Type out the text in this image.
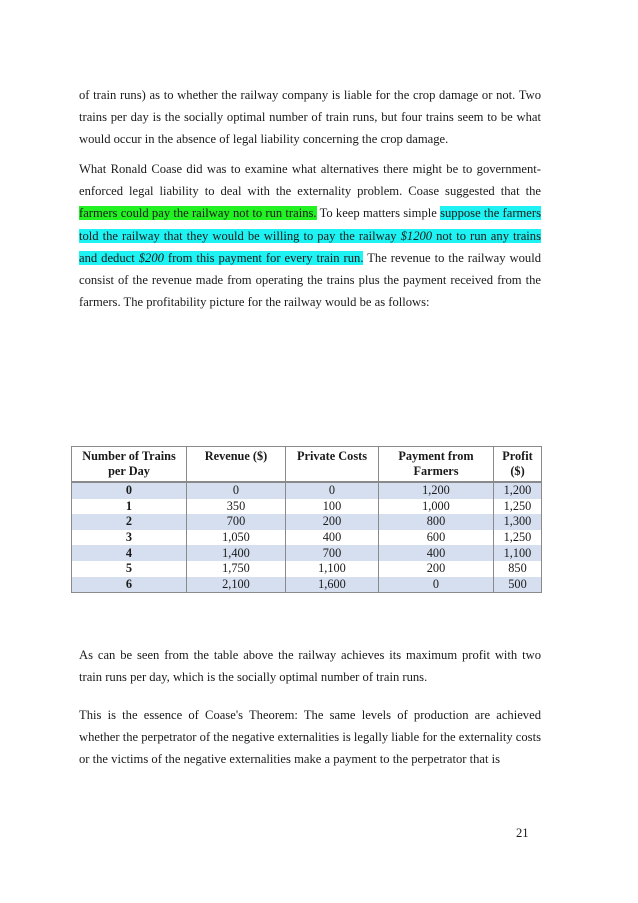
of train runs) as to whether the railway company is liable for the crop damage or not. Two trains per day is the socially optimal number of train runs, but four trains seem to be what would occur in the absence of legal liability concerning the crop damage.

What Ronald Coase did was to examine what alternatives there might be to government-enforced legal liability to deal with the externality problem. Coase suggested that the farmers could pay the railway not to run trains. To keep matters simple suppose the farmers told the railway that they would be willing to pay the railway $1200 not to run any trains and deduct $200 from this payment for every train run. The revenue to the railway would consist of the revenue made from operating the trains plus the payment received from the farmers. The profitability picture for the railway would be as follows:

Number of Trains per Day	Revenue ($)	Private Costs	Payment from Farmers	Profit ($)
0	0	0	1,200	1,200
1	350	100	1,000	1,250
2	700	200	800	1,300
3	1,050	400	600	1,250
4	1,400	700	400	1,100
5	1,750	1,100	200	850
6	2,100	1,600	0	500

As can be seen from the table above the railway achieves its maximum profit with two train runs per day, which is the socially optimal number of train runs.

This is the essence of Coase's Theorem: The same levels of production are achieved whether the perpetrator of the negative externalities is legally liable for the externality costs or the victims of the negative externalities make a payment to the perpetrator that is

21
